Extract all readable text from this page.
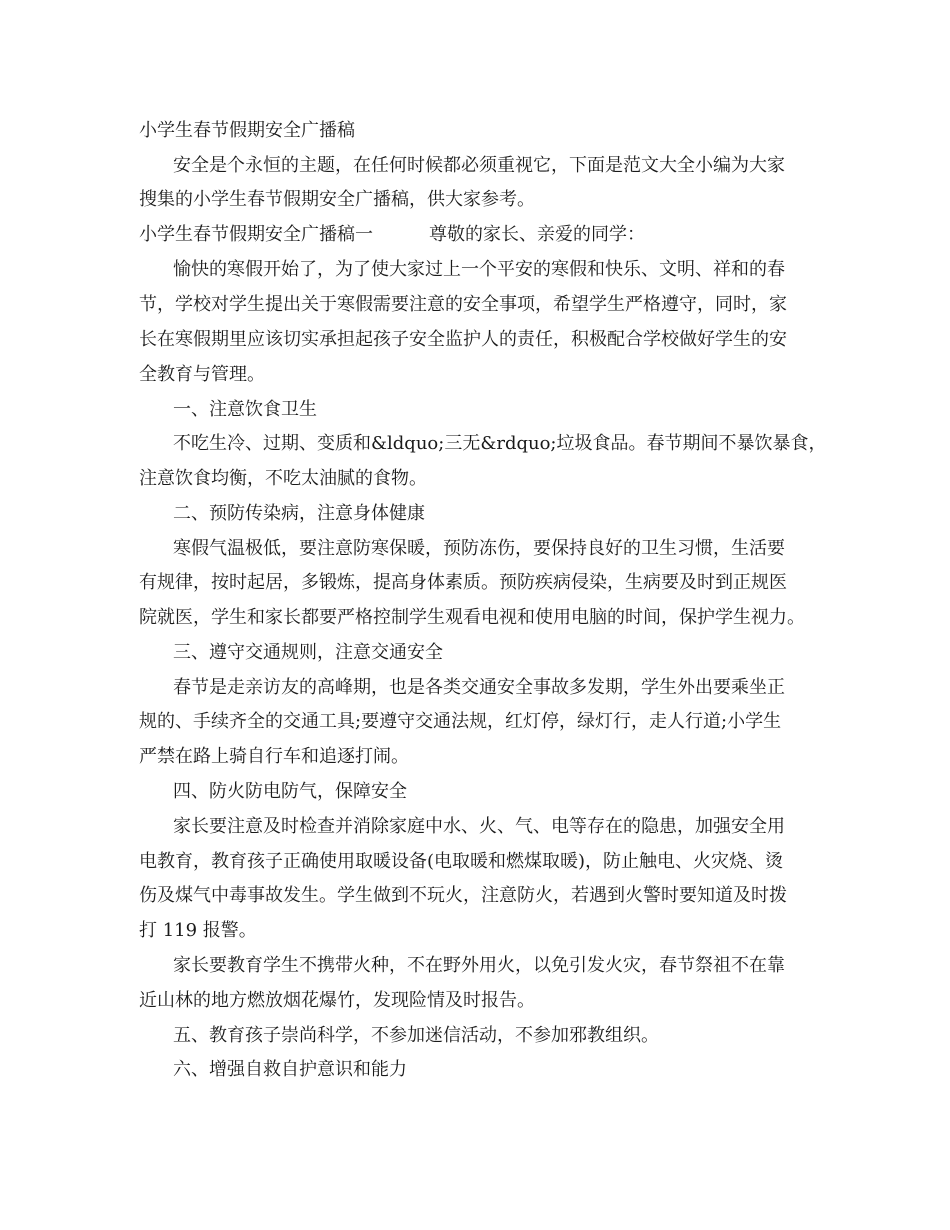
小学生春节假期安全广播稿
安全是个永恒的主题，在任何时候都必须重视它，下面是范文大全小编为大家
搜集的小学生春节假期安全广播稿，供大家参考。
小学生春节假期安全广播稿一	尊敬的家长、亲爱的同学：
愉快的寒假开始了，为了使大家过上一个平安的寒假和快乐、文明、祥和的春
节，学校对学生提出关于寒假需要注意的安全事项，希望学生严格遵守，同时，家
长在寒假期里应该切实承担起孩子安全监护人的责任，积极配合学校做好学生的安
全教育与管理。
一、注意饮食卫生
不吃生冷、过期、变质和&ldquo;三无&rdquo;垃圾食品。春节期间不暴饮暴食，
注意饮食均衡，不吃太油腻的食物。
二、预防传染病，注意身体健康
寒假气温极低，要注意防寒保暖，预防冻伤，要保持良好的卫生习惯，生活要
有规律，按时起居，多锻炼，提高身体素质。预防疾病侵染，生病要及时到正规医
院就医，学生和家长都要严格控制学生观看电视和使用电脑的时间，保护学生视力。
三、遵守交通规则，注意交通安全
春节是走亲访友的高峰期，也是各类交通安全事故多发期，学生外出要乘坐正
规的、手续齐全的交通工具;要遵守交通法规，红灯停，绿灯行，走人行道;小学生
严禁在路上骑自行车和追逐打闹。
四、防火防电防气，保障安全
家长要注意及时检查并消除家庭中水、火、气、电等存在的隐患，加强安全用
电教育，教育孩子正确使用取暖设备(电取暖和燃煤取暖)，防止触电、火灾烧、烫
伤及煤气中毒事故发生。学生做到不玩火，注意防火，若遇到火警时要知道及时拨
打 119 报警。
家长要教育学生不携带火种，不在野外用火，以免引发火灾，春节祭祖不在靠
近山林的地方燃放烟花爆竹，发现险情及时报告。
五、教育孩子崇尚科学，不参加迷信活动，不参加邪教组织。
六、增强自救自护意识和能力
